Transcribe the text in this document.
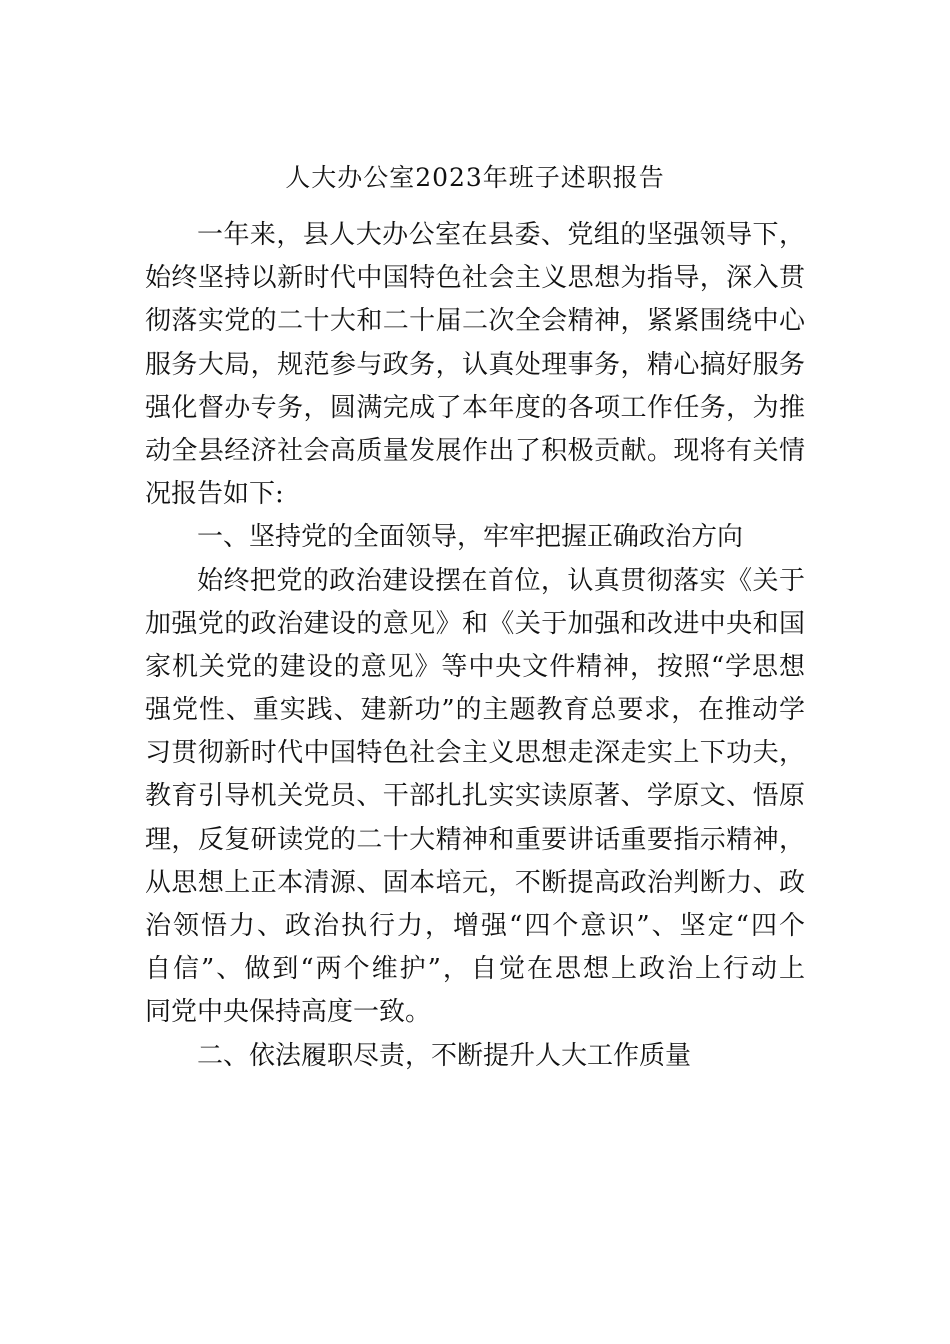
人大办公室2023年班子述职报告
一年来，县人大办公室在县委、党组的坚强领导下，
始终坚持以新时代中国特色社会主义思想为指导，深入贯
彻落实党的二十大和二十届二次全会精神，紧紧围绕中心
服务大局，规范参与政务，认真处理事务，精心搞好服务
强化督办专务，圆满完成了本年度的各项工作任务，为推
动全县经济社会高质量发展作出了积极贡献。现将有关情
况报告如下:
一、坚持党的全面领导，牢牢把握正确政治方向
始终把党的政治建设摆在首位，认真贯彻落实《关于
加强党的政治建设的意见》和《关于加强和改进中央和国
家机关党的建设的意见》等中央文件精神，按照“学思想
强党性、重实践、建新功”的主题教育总要求，在推动学
习贯彻新时代中国特色社会主义思想走深走实上下功夫，
教育引导机关党员、干部扎扎实实读原著、学原文、悟原
理，反复研读党的二十大精神和重要讲话重要指示精神，
从思想上正本清源、固本培元，不断提高政治判断力、政
治领悟力、政治执行力，增强“四个意识”、坚定“四个
自信”、做到“两个维护”，自觉在思想上政治上行动上
同党中央保持高度一致。
二、依法履职尽责，不断提升人大工作质量
